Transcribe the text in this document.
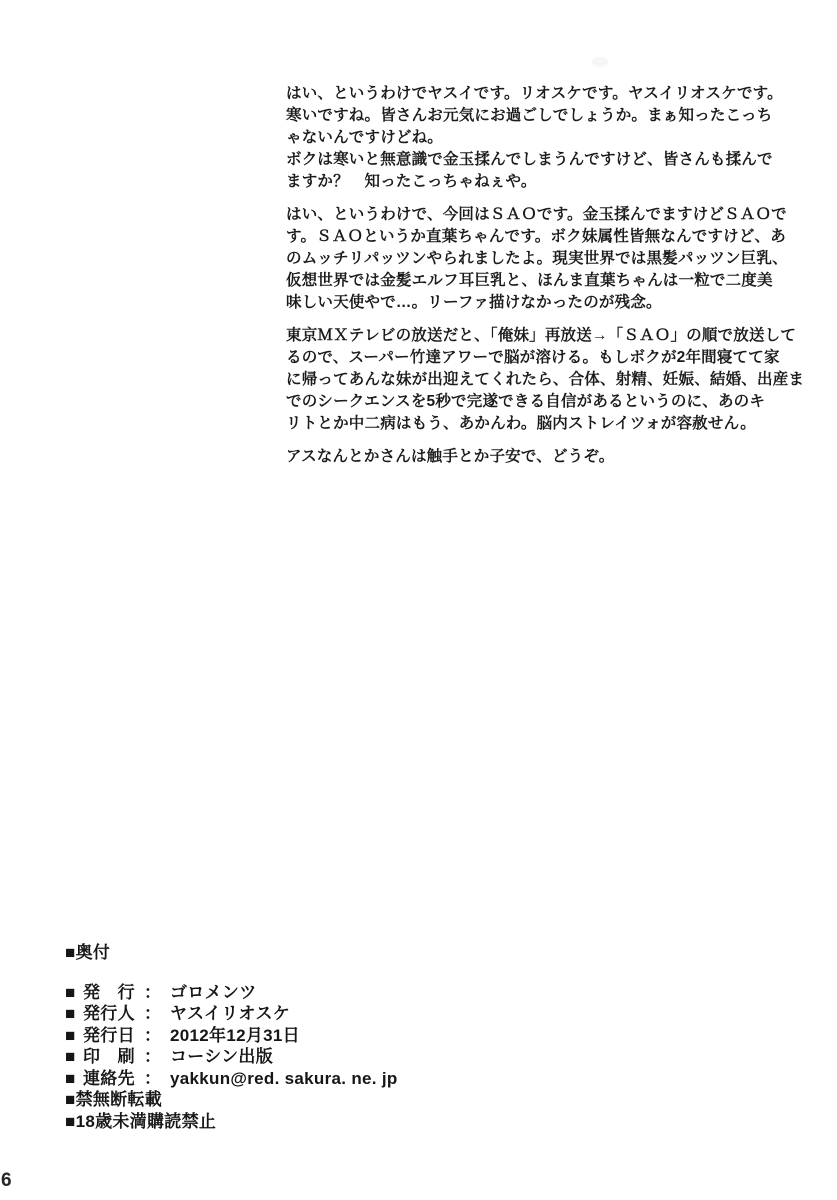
はい、というわけでヤスイです。リオスケです。ヤスイリオスケです。
寒いですね。皆さんお元気にお過ごしでしょうか。まぁ知ったこっち
ゃないんですけどね。
ボクは寒いと無意識で金玉揉んでしまうんですけど、皆さんも揉んで
ますか？　知ったこっちゃねぇや。

はい、というわけで、今回はＳＡＯです。金玉揉んでますけどＳＡＯで
す。ＳＡＯというか直葉ちゃんです。ボク妹属性皆無なんですけど、あ
のムッチリパッツンやられましたよ。現実世界では黒髪パッツン巨乳、
仮想世界では金髪エルフ耳巨乳と、ほんま直葉ちゃんは一粒で二度美
味しい天使やで…。リーファ描けなかったのが残念。

東京ＭＸテレビの放送だと、「俺妹」再放送→「ＳＡＯ」の順で放送して
るので、スーパー竹達アワーで脳が溶ける。もしボクが2年間寝てて家
に帰ってあんな妹が出迎えてくれたら、合体、射精、妊娠、結婚、出産ま
でのシークエンスを5秒で完遂できる自信があるというのに、あのキ
リトとか中二病はもう、あかんわ。脳内ストレイツォが容赦せん。

アスなんとかさんは触手とか子安で、どうぞ。

■奥付
■ 発　行 ： ゴロメンツ
■ 発行人 ： ヤスイリオスケ
■ 発行日 ： 2012年12月31日
■ 印　刷 ： コーシン出版
■ 連絡先 ： yakkun@red. sakura. ne. jp
■禁無断転載
■18歳未満購読禁止
6
